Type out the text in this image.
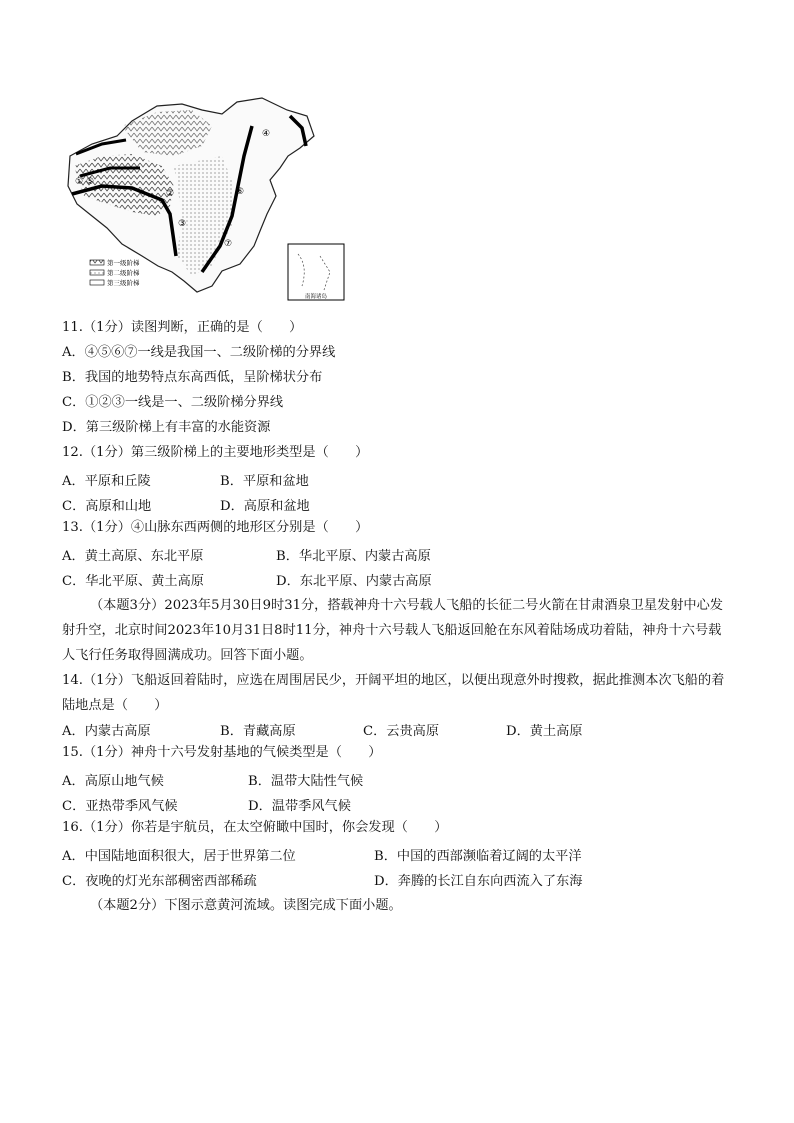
①
②
③
④
⑤
⑥
⑦
第一级阶梯
第二级阶梯
第三级阶梯
南海诸岛
11.（1分）读图判断，正确的是（　　）
A．④⑤⑥⑦一线是我国一、二级阶梯的分界线
B．我国的地势特点东高西低，呈阶梯状分布
C．①②③一线是一、二级阶梯分界线
D．第三级阶梯上有丰富的水能资源
12.（1分）第三级阶梯上的主要地形类型是（　　）
A．平原和丘陵	B．平原和盆地
C．高原和山地	D．高原和盆地
13.（1分）④山脉东西两侧的地形区分别是（　　）
A．黄土高原、东北平原	B．华北平原、内蒙古高原
C．华北平原、黄土高原	D．东北平原、内蒙古高原
（本题3分）2023年5月30日9时31分，搭载神舟十六号载人飞船的长征二号火箭在甘肃酒泉卫星发射中心发射升空，北京时间2023年10月31日8时11分，神舟十六号载人飞船返回舱在东风着陆场成功着陆，神舟十六号载人飞行任务取得圆满成功。回答下面小题。
14.（1分）飞船返回着陆时，应选在周围居民少，开阔平坦的地区，以便出现意外时搜救，据此推测本次飞船的着陆地点是（　　）
A．内蒙古高原	B．青藏高原	C．云贵高原	D．黄土高原
15.（1分）神舟十六号发射基地的气候类型是（　　）
A．高原山地气候	B．温带大陆性气候
C．亚热带季风气候	D．温带季风气候
16.（1分）你若是宇航员，在太空俯瞰中国时，你会发现（　　）
A．中国陆地面积很大，居于世界第二位	B．中国的西部濒临着辽阔的太平洋
C．夜晚的灯光东部稠密西部稀疏	D．奔腾的长江自东向西流入了东海
（本题2分）下图示意黄河流域。读图完成下面小题。
